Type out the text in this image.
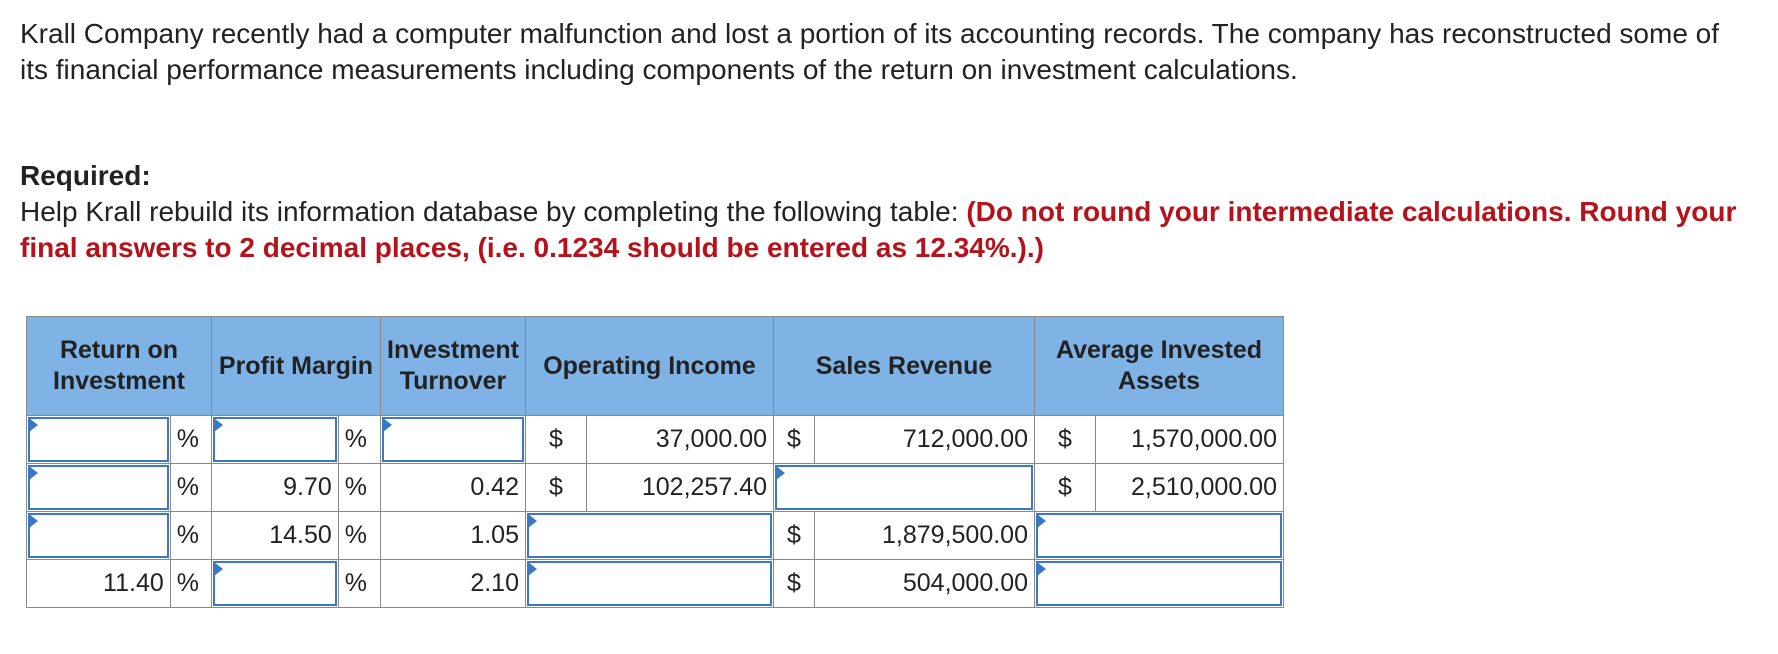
Krall Company recently had a computer malfunction and lost a portion of its accounting records. The company has reconstructed some of its financial performance measurements including components of the return on investment calculations.

Required:
Help Krall rebuild its information database by completing the following table: (Do not round your intermediate calculations. Round your final answers to 2 decimal places, (i.e. 0.1234 should be entered as 12.34%.).)

Return on Investment		Profit Margin		Investment Turnover	Operating Income		Sales Revenue		Average Invested Assets	

	%		%		$	37,000.00	$	712,000.00	$	1,570,000.00

	%	9.70	%	0.42	$	102,257.40			$	2,510,000.00

	%	14.50	%	1.05			$	1,879,500.00		

11.40	%		%	2.10			$	504,000.00		
